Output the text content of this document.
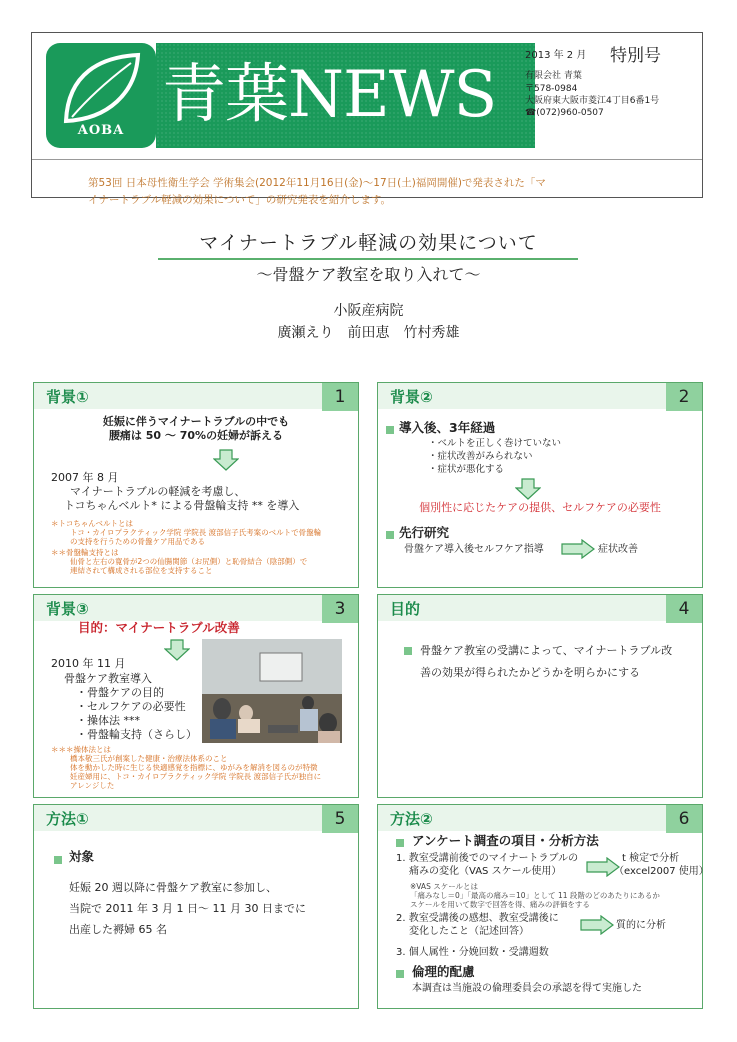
AOBA 青葉NEWS
2013 年 2 月 特別号
有限会社 青葉
〒578-0984
大阪府東大阪市菱江4丁目6番1号
☎(072)960-0507
第53回 日本母性衛生学会 学術集会(2012年11月16日(金)〜17日(土)福岡開催)で発表された「マ
イナートラブル軽減の効果について」の研究発表を紹介します。
マイナートラブル軽減の効果について
〜骨盤ケア教室を取り入れて〜
小阪産病院
廣瀬えり　前田恵　竹村秀雄
背景①	1
妊娠に伴うマイナートラブルの中でも
腰痛は 50 〜 70%の妊婦が訴える
2007 年 8 月
マイナートラブルの軽減を考慮し、
トコちゃんベルト* による骨盤輪支持 ** を導入
＊トコちゃんベルトとは
トコ・カイロプラクティック学院 学院長 渡部信子氏考案のベルトで骨盤輪
の支持を行うための骨盤ケア用品である
＊＊骨盤輪支持とは
仙骨と左右の寛骨が2つの仙腸関節（お尻側）と恥骨結合（陰部側）で
連結されて構成される部位を支持すること
背景②	2
導入後、3年経過
・ベルトを正しく巻けていない
・症状改善がみられない
・症状が悪化する
個別性に応じたケアの提供、セルフケアの必要性
先行研究
骨盤ケア導入後セルフケア指導	症状改善
背景③	3
目的：マイナートラブル改善
2010 年 11 月
骨盤ケア教室導入
・骨盤ケアの目的
・セルフケアの必要性
・操体法 ***
・骨盤輪支持（さらし）
＊＊＊操体法とは
橋本敬三氏が創案した健康・治療法体系のこと
体を動かした時に生じる快適感覚を指標に、ゆがみを解消を図るのが特徴
妊産婦用に、トコ・カイロプラクティック学院 学院長 渡部信子氏が独自に
アレンジした
目的	4
骨盤ケア教室の受講によって、マイナートラブル改
善の効果が得られたかどうかを明らかにする
方法①	5
対象
妊娠 20 週以降に骨盤ケア教室に参加し、
当院で 2011 年 3 月 1 日〜 11 月 30 日までに
出産した褥婦 65 名
方法②	6
アンケート調査の項目・分析方法
1. 教室受講前後でのマイナートラブルの
痛みの変化（VAS スケール使用）
t 検定で分析
（excel2007 使用）
※VAS スケールとは
「痛みなし＝0」「最高の痛み＝10」として 11 段階のどのあたりにあるか
スケールを用いて数字で回答を得、痛みの評価をする
2. 教室受講後の感想、教室受講後に
変化したこと（記述回答）
質的に分析
3. 個人属性・分娩回数・受講週数
倫理的配慮
本調査は当施設の倫理委員会の承認を得て実施した
